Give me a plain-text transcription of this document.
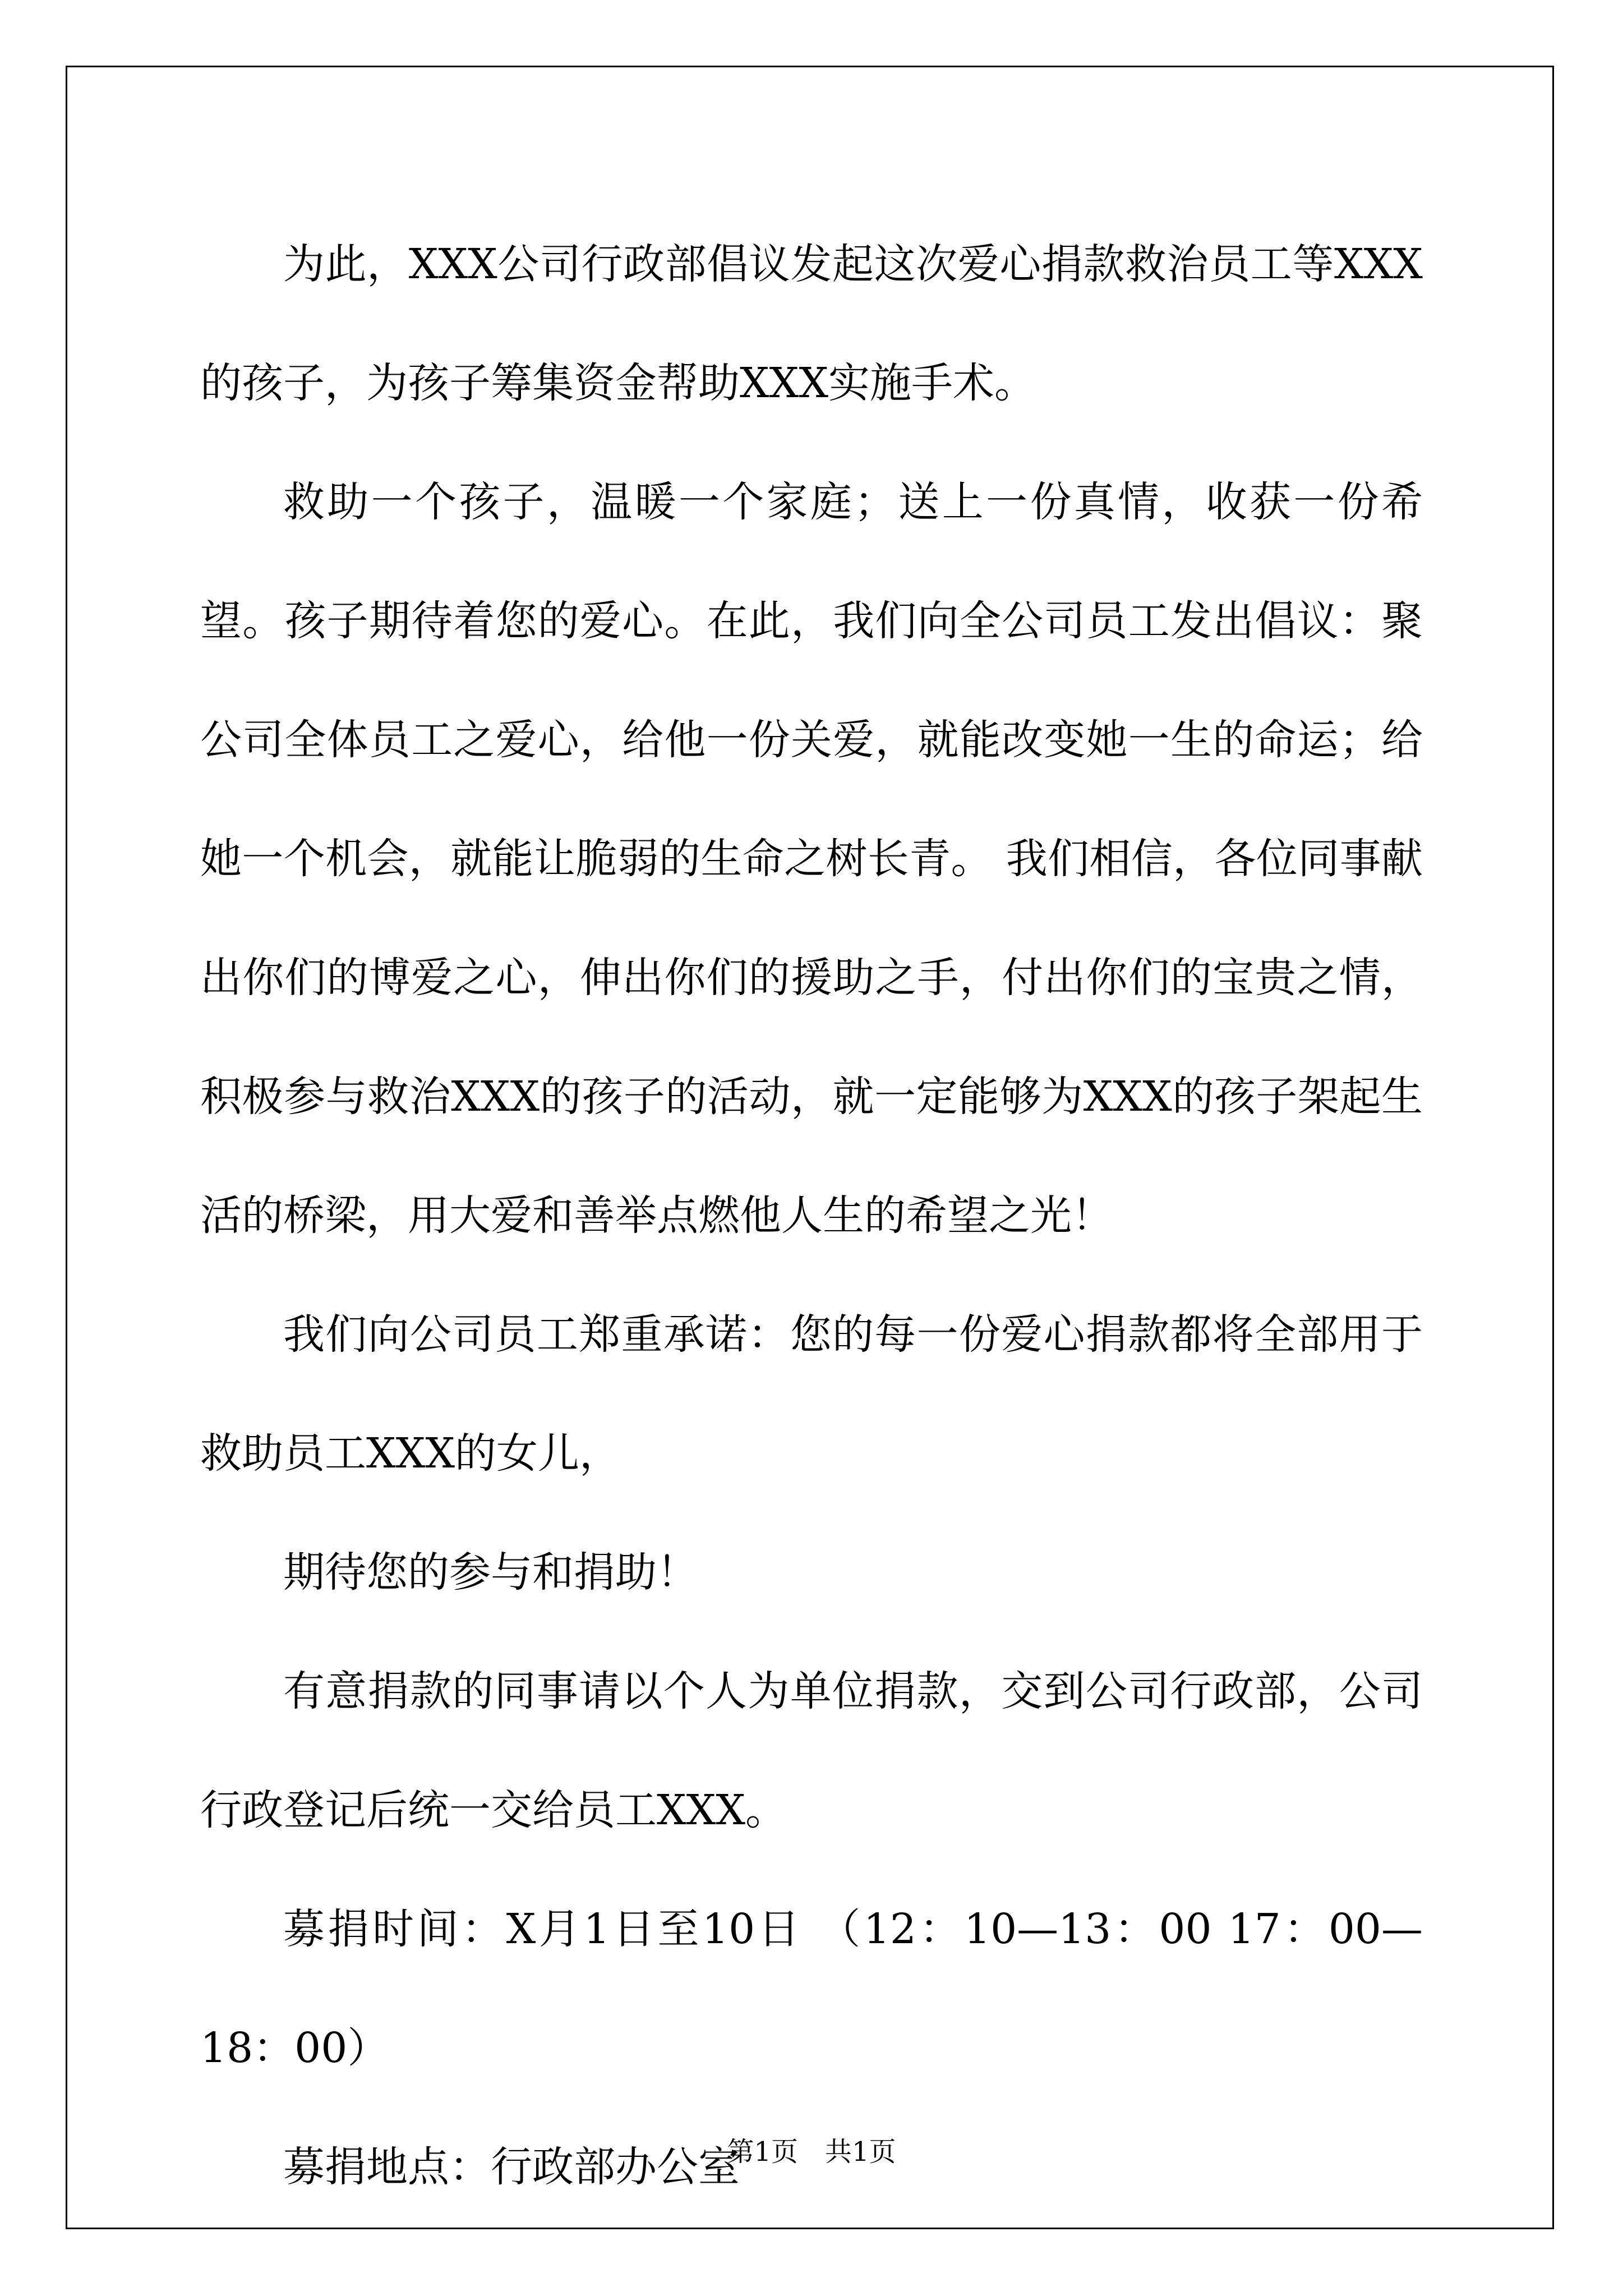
为此，XXX公司行政部倡议发起这次爱心捐款救治员工等XXX的孩子，为孩子筹集资金帮助XXX实施手术。

救助一个孩子，温暖一个家庭；送上一份真情，收获一份希望。孩子期待着您的爱心。在此，我们向全公司员工发出倡议：聚公司全体员工之爱心，给他一份关爱，就能改变她一生的命运；给她一个机会，就能让脆弱的生命之树长青。 我们相信，各位同事献出你们的博爱之心，伸出你们的援助之手，付出你们的宝贵之情，积极参与救治XXX的孩子的活动，就一定能够为XXX的孩子架起生活的桥梁，用大爱和善举点燃他人生的希望之光！

我们向公司员工郑重承诺：您的每一份爱心捐款都将全部用于救助员工XXX的女儿，

期待您的参与和捐助！

有意捐款的同事请以个人为单位捐款，交到公司行政部，公司行政登记后统一交给员工XXX。

募捐时间：X月1日至10日 （12：10—13：00 17：00—18：00）

募捐地点：行政部办公室

第1页　共1页
